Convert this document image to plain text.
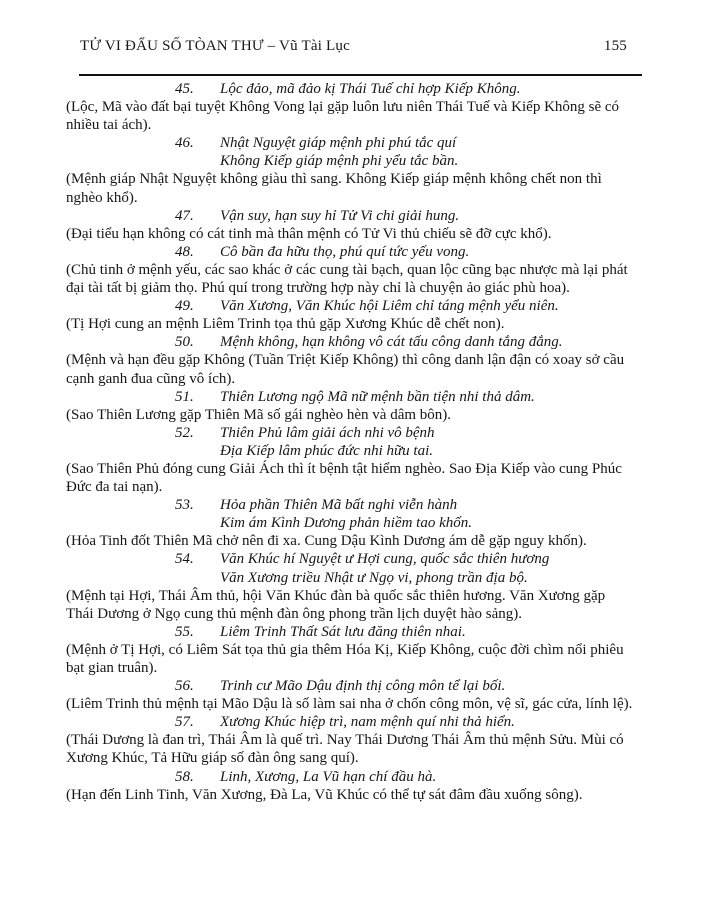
TỬ VI ĐẨU SỐ TÒAN THƯ – Vũ Tài Lục	155
45. Lộc đảo, mã đảo kị Thái Tuế chỉ hợp Kiếp Không.
(Lộc, Mã vào đất bại tuyệt Không Vong lại gặp luôn lưu niên Thái Tuế và Kiếp Không sẽ có nhiều tai ách).
46. Nhật Nguyệt giáp mệnh phi phú tắc quí
Không Kiếp giáp mệnh phi yểu tắc bần.
(Mệnh giáp Nhật Nguyệt không giàu thì sang. Không Kiếp giáp mệnh không chết non thì nghèo khổ).
47. Vận suy, hạn suy hỉ Tử Vi chi giải hung.
(Đại tiểu hạn không có cát tinh mà thân mệnh có Tử Vi thủ chiếu sẽ đỡ cực khổ).
48. Cô bần đa hữu thọ, phú quí tức yếu vong.
(Chủ tinh ở mệnh yếu, các sao khác ở các cung tài bạch, quan lộc cũng bạc nhược mà lại phát đại tài tất bị giảm thọ. Phú quí trong trường hợp này chỉ là chuyện ảo giác phù hoa).
49. Văn Xương, Văn Khúc hội Liêm chỉ táng mệnh yểu niên.
(Tị Hợi cung an mệnh Liêm Trinh tọa thủ gặp Xương Khúc dễ chết non).
50. Mệnh không, hạn không vô cát tấu công danh tắng đắng.
(Mệnh và hạn đều gặp Không (Tuần Triệt Kiếp Không) thì công danh lận đận có xoay sở cầu cạnh ganh đua cũng vô ích).
51. Thiên Lương ngộ Mã nữ mệnh bần tiện nhi thả dâm.
(Sao Thiên Lương gặp Thiên Mã số gái nghèo hèn và dâm bôn).
52. Thiên Phủ lâm giải ách nhi vô bệnh
Địa Kiếp lâm phúc đức nhi hữu tai.
(Sao Thiên Phủ đóng cung Giải Ách thì ít bệnh tật hiểm nghèo. Sao Địa Kiếp vào cung Phúc Đức đa tai nạn).
53. Hỏa phần Thiên Mã bất nghi viễn hành
Kim ám Kình Dương phản hiềm tao khốn.
(Hỏa Tinh đốt Thiên Mã chở nên đi xa. Cung Dậu Kình Dương ám dễ gặp nguy khốn).
54. Văn Khúc hí Nguyệt ư Hợi cung, quốc sắc thiên hương
Văn Xương triều Nhật ư Ngọ vi, phong trần địa bộ.
(Mệnh tại Hợi, Thái Âm thủ, hội Văn Khúc đàn bà quốc sắc thiên hương. Văn Xương gặp Thái Dương ở Ngọ cung thủ mệnh đàn ông phong trần lịch duyệt hào sảng).
55. Liêm Trinh Thất Sát lưu đăng thiên nhai.
(Mệnh ở Tị Hợi, có Liêm Sát tọa thủ gia thêm Hóa Kị, Kiếp Không, cuộc đời chìm nổi phiêu bạt gian truân).
56. Trinh cư Mão Dậu định thị công môn tể lại bối.
(Liêm Trinh thủ mệnh tại Mão Dậu là số làm sai nha ở chốn công môn, vệ sĩ, gác cửa, lính lệ).
57. Xương Khúc hiệp trì, nam mệnh quí nhi thả hiển.
(Thái Dương là đan trì, Thái Âm là quế trì. Nay Thái Dương Thái Âm thủ mệnh Sửu. Mùi có Xương Khúc, Tả Hữu giáp số đàn ông sang quí).
58. Linh, Xương, La Vũ hạn chí đầu hà.
(Hạn đến Linh Tinh, Văn Xương, Đà La, Vũ Khúc có thể tự sát đâm đầu xuống sông).
